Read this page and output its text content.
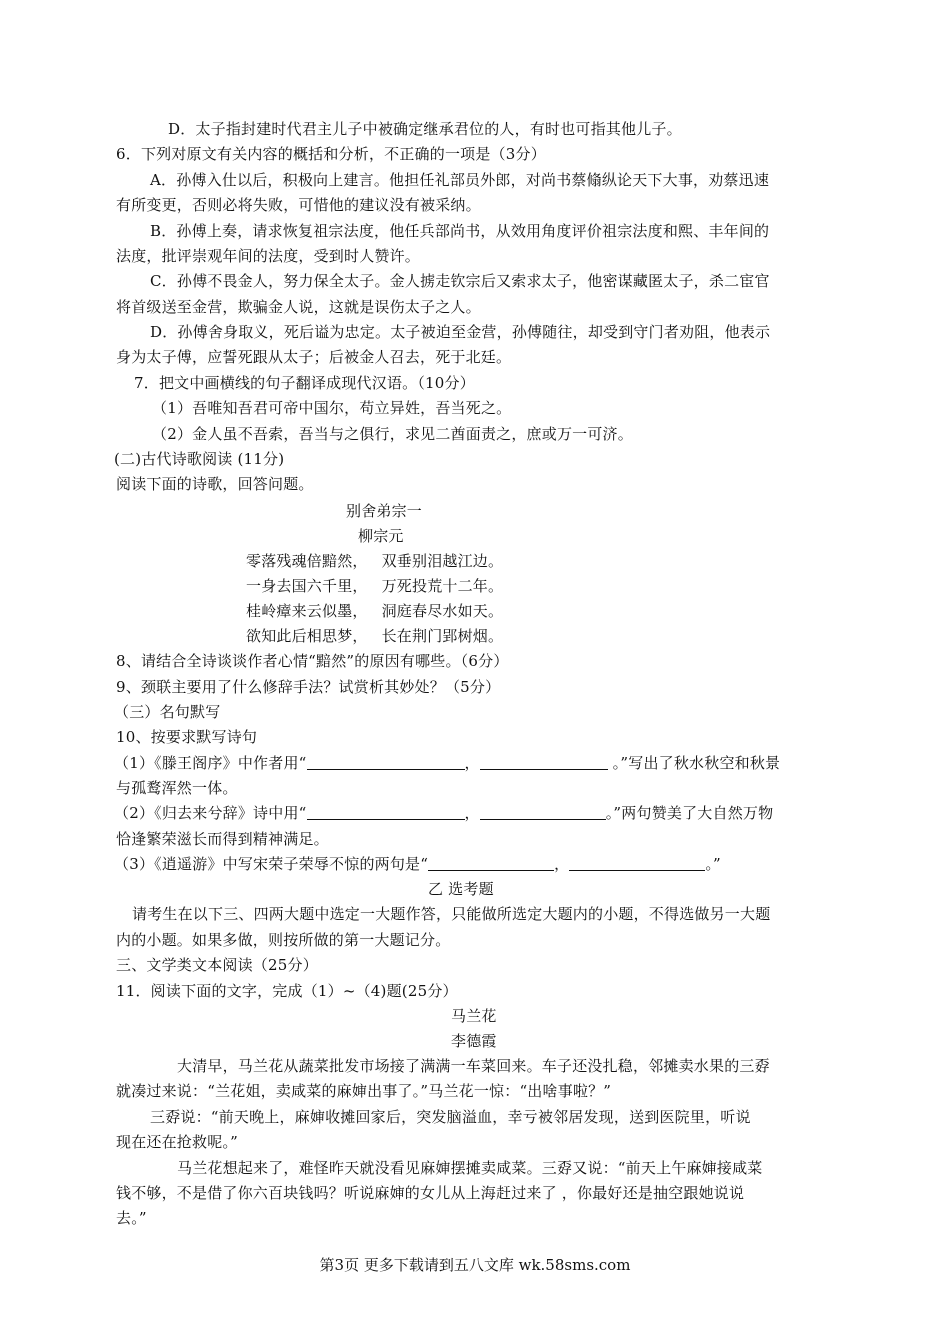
D．太子指封建时代君主儿子中被确定继承君位的人，有时也可指其他儿子。
6．下列对原文有关内容的概括和分析，不正确的一项是（3分）
A．孙傅入仕以后，积极向上建言。他担任礼部员外郎，对尚书蔡翛纵论天下大事，劝蔡迅速
有所变更，否则必将失败，可惜他的建议没有被采纳。
B．孙傅上奏，请求恢复祖宗法度，他任兵部尚书，从效用角度评价祖宗法度和熙、丰年间的
法度，批评崇观年间的法度，受到时人赞许。
C．孙傅不畏金人，努力保全太子。金人掳走钦宗后又索求太子，他密谋藏匿太子，杀二宦官
将首级送至金营，欺骗金人说，这就是误伤太子之人。
D．孙傅舍身取义，死后谥为忠定。太子被迫至金营，孙傅随往，却受到守门者劝阻，他表示
身为太子傅，应誓死跟从太子；后被金人召去，死于北廷。
7．把文中画横线的句子翻译成现代汉语。（10分）
（1）吾唯知吾君可帝中国尔，苟立异姓，吾当死之。
（2）金人虽不吾索，吾当与之俱行，求见二酋面责之，庶或万一可济。
(二)古代诗歌阅读 (11分)
阅读下面的诗歌，回答问题。
别舍弟宗一
柳宗元
零落残魂倍黯然， 双垂别泪越江边。
一身去国六千里， 万死投荒十二年。
桂岭瘴来云似墨， 洞庭春尽水如天。
欲知此后相思梦， 长在荆门郢树烟。
8、请结合全诗谈谈作者心情“黯然”的原因有哪些。（6分）
9、颈联主要用了什么修辞手法？试赏析其妙处？（5分）
（三）名句默写
10、按要求默写诗句
（1）《滕王阁序》中作者用“	，	。”写出了秋水秋空和秋景
与孤鹜浑然一体。
（2）《归去来兮辞》诗中用“	，	。”两句赞美了大自然万物
恰逢繁荣滋长而得到精神满足。
（3）《逍遥游》中写宋荣子荣辱不惊的两句是“	，	。”
乙 选考题
请考生在以下三、四两大题中选定一大题作答，只能做所选定大题内的小题，不得选做另一大题
内的小题。如果多做，则按所做的第一大题记分。
三、文学类文本阅读（25分）
11．阅读下面的文字，完成（1）~（4)题(25分）
马兰花
李德霞
大清早，马兰花从蔬菜批发市场接了满满一车菜回来。车子还没扎稳，邻摊卖水果的三孬
就凑过来说：“兰花姐，卖咸菜的麻婶出事了。”马兰花一惊：“出啥事啦？”
三孬说：“前天晚上，麻婶收摊回家后，突发脑溢血，幸亏被邻居发现，送到医院里，听说
现在还在抢救呢。”
马兰花想起来了，难怪昨天就没看见麻婶摆摊卖咸菜。三孬又说：“前天上午麻婶接咸菜
钱不够，不是借了你六百块钱吗？听说麻婶的女儿从上海赶过来了 ，你最好还是抽空跟她说说
去。”
第3页 更多下载请到五八文库 wk.58sms.com
